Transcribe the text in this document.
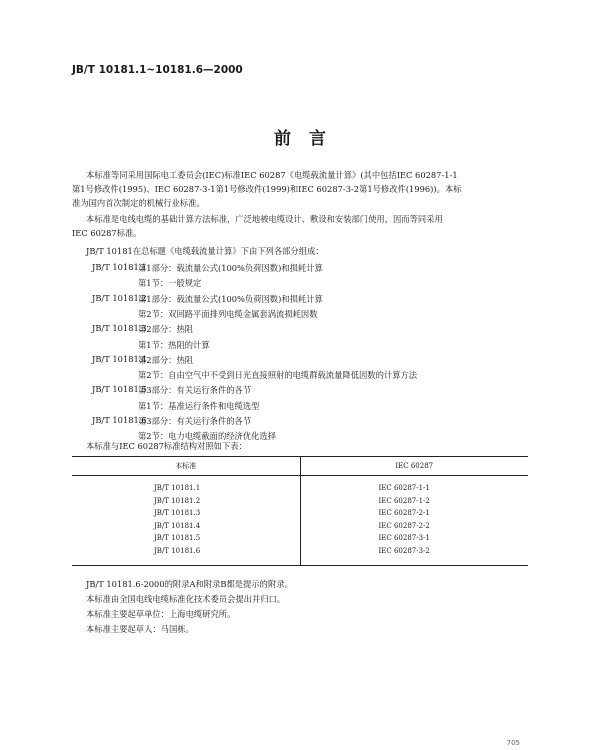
JB/T 10181.1~10181.6—2000
前言
本标准等同采用国际电工委员会(IEC)标准IEC 60287《电缆载流量计算》(其中包括IEC 60287-1-1
第1号修改件(1995)、IEC 60287-3-1第1号修改件(1999)和IEC 60287-3-2第1号修改件(1996))。本标
准为国内首次制定的机械行业标准。
本标准是电线电缆的基础计算方法标准，广泛地被电缆设计、敷设和安装部门使用，因而等同采用
IEC 60287标准。
JB/T 10181在总标题《电缆载流量计算》下由下列各部分组成：
JB/T 10181.1
第1部分：载流量公式(100%负荷因数)和损耗计算
第1节：一般规定
JB/T 10181.2
第1部分：载流量公式(100%负荷因数)和损耗计算
第2节：双回路平面排列电缆金属套涡流损耗因数
JB/T 10181.3
第2部分：热阻
第1节：热阻的计算
JB/T 10181.4
第2部分：热阻
第2节：自由空气中不受到日光直接照射的电缆群载流量降低因数的计算方法
JB/T 10181.5
第3部分：有关运行条件的各节
第1节：基准运行条件和电缆选型
JB/T 10181.6
第3部分：有关运行条件的各节
第2节：电力电缆截面的经济优化选择
本标准与IEC 60287标准结构对照如下表：
本标准	IEC 60287
JB/T 10181.1	IEC 60287-1-1
JB/T 10181.2	IEC 60287-1-2
JB/T 10181.3	IEC 60287-2-1
JB/T 10181.4	IEC 60287-2-2
JB/T 10181.5	IEC 60287-3-1
JB/T 10181.6	IEC 60287-3-2
JB/T 10181.6-2000的附录A和附录B都是提示的附录。
本标准由全国电线电缆标准化技术委员会提出并归口。
本标准主要起草单位：上海电缆研究所。
本标准主要起草人：马国栋。
705
